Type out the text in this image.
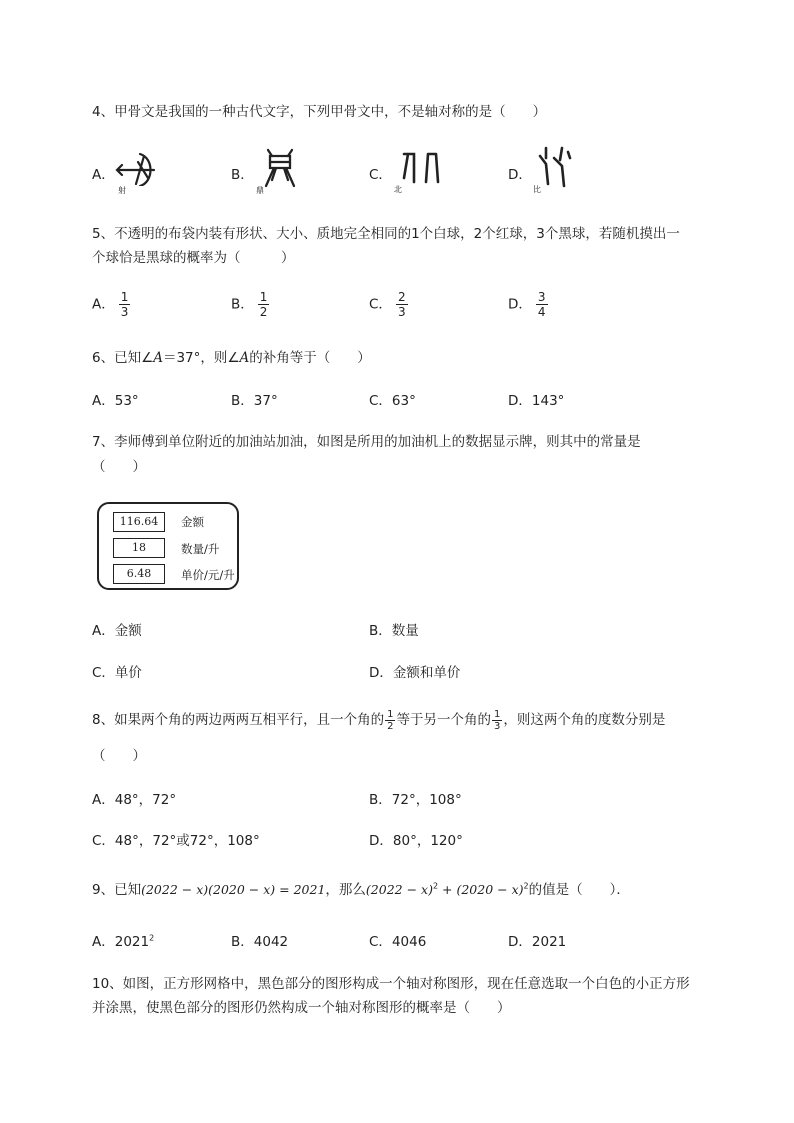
4、甲骨文是我国的一种古代文字，下列甲骨文中，不是轴对称的是（　　）
A．
射
B．
鼎
C．
北
D．
比
5、不透明的布袋内装有形状、大小、质地完全相同的1个白球，2个红球，3个黑球，若随机摸出一
个球恰是黑球的概率为（　　　）
A． $\frac{1}{3}$	B． $\frac{1}{2}$	C． $\frac{2}{3}$	D． $\frac{3}{4}$
6、已知∠A＝37°，则∠A的补角等于（　　）
A．53°	B．37°	C．63°	D．143°
7、李师傅到单位附近的加油站加油，如图是所用的加油机上的数据显示牌，则其中的常量是
（　　）
116.64	金额
18	数量/升
6.48	单价/元/升
A．金额	B．数量
C．单价	D．金额和单价
8、如果两个角的两边两两互相平行，且一个角的 $\frac{1}{2}$ 等于另一个角的 $\frac{1}{3}$ ，则这两个角的度数分别是
（　　）
A．48°，72°	B．72°，108°
C．48°，72°或72°，108°	D．80°，120°
9、已知(2022 − x)(2020 − x) = 2021，那么$(2022 - x)^2 + (2020 - x)^2$的值是（　　）．
A．2021$^2$	B．4042	C．4046	D．2021
10、如图，正方形网格中，黑色部分的图形构成一个轴对称图形，现在任意选取一个白色的小正方形
并涂黑，使黑色部分的图形仍然构成一个轴对称图形的概率是（　　）
